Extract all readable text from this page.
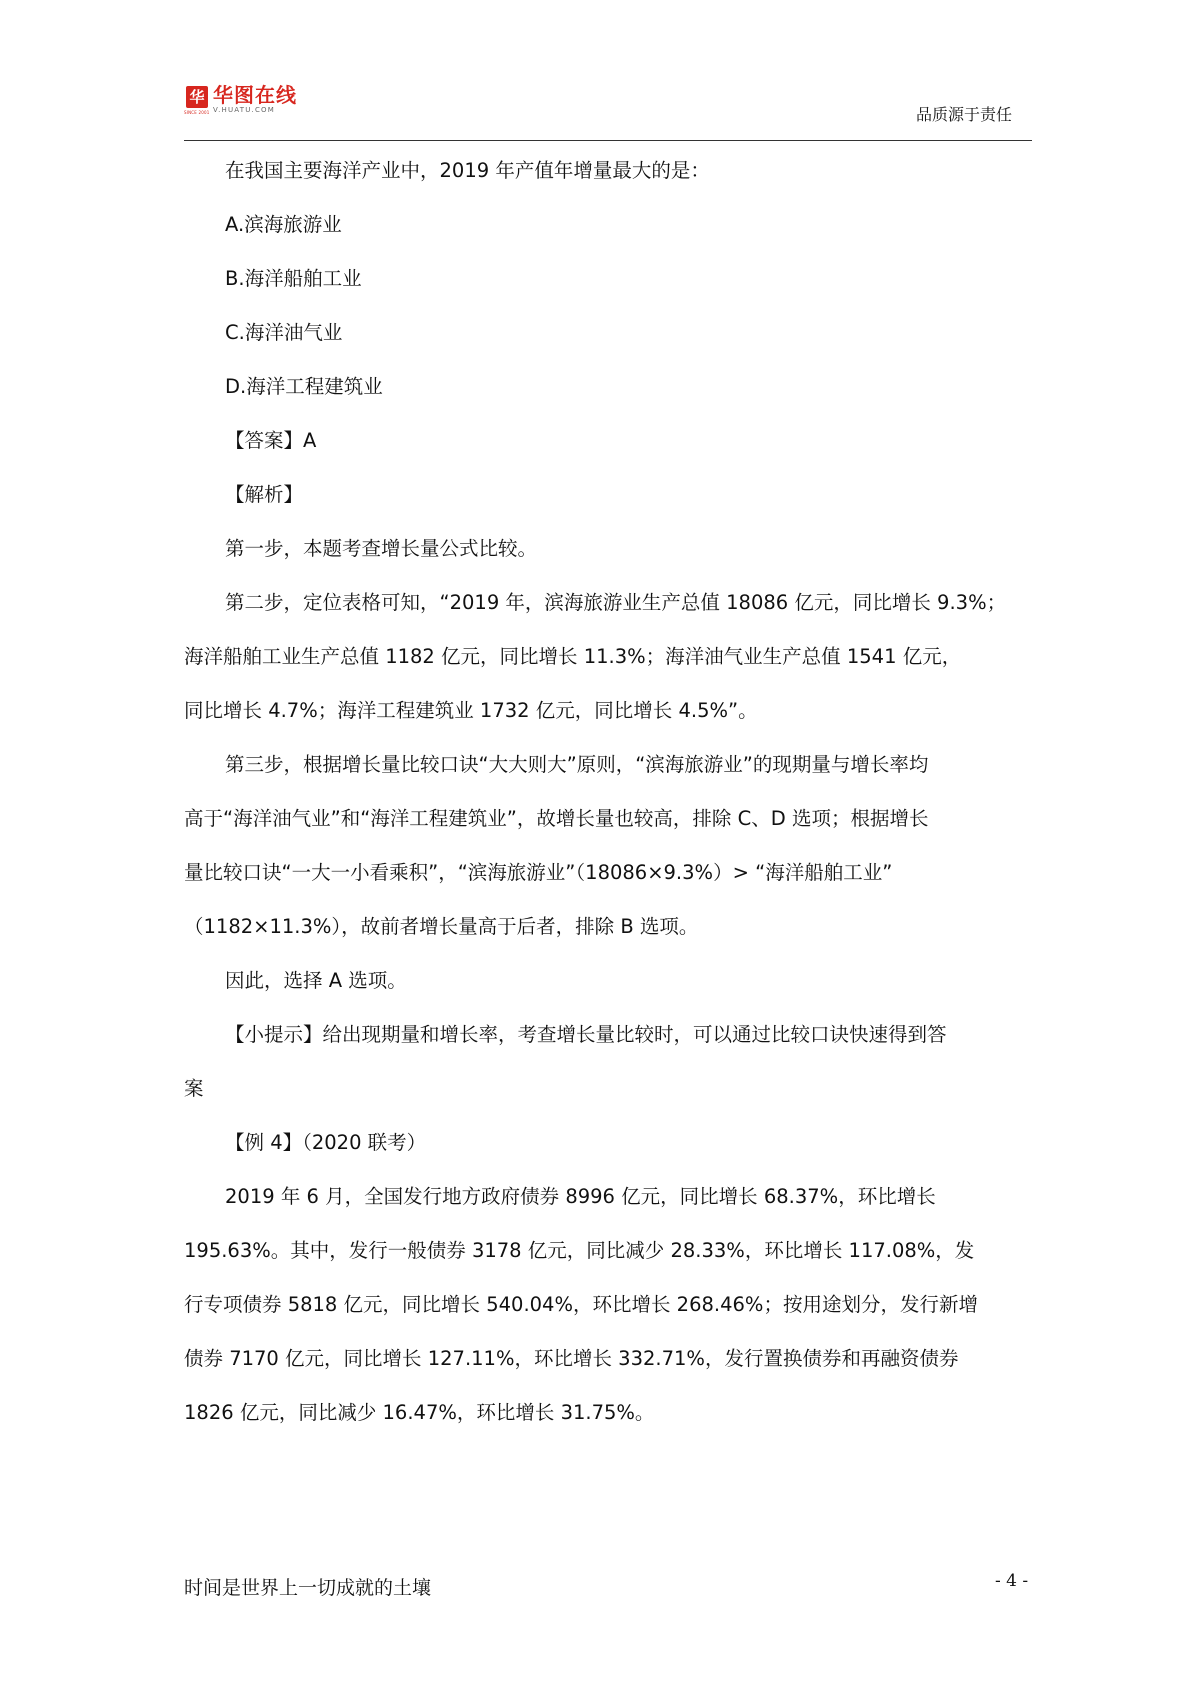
华
SINCE 2001
华图在线
V.HUATU.COM	品质源于责任

在我国主要海洋产业中，2019 年产值年增量最大的是：

A.滨海旅游业

B.海洋船舶工业

C.海洋油气业

D.海洋工程建筑业

【答案】A

【解析】

第一步，本题考查增长量公式比较。

第二步，定位表格可知，“2019 年，滨海旅游业生产总值 18086 亿元，同比增长 9.3%；

海洋船舶工业生产总值 1182 亿元，同比增长 11.3%；海洋油气业生产总值 1541 亿元，

同比增长 4.7%；海洋工程建筑业 1732 亿元，同比增长 4.5%”。

第三步，根据增长量比较口诀“大大则大”原则，“滨海旅游业”的现期量与增长率均

高于“海洋油气业”和“海洋工程建筑业”，故增长量也较高，排除 C、D 选项；根据增长

量比较口诀“一大一小看乘积”，“滨海旅游业”（18086×9.3%）> “海洋船舶工业”

（1182×11.3%），故前者增长量高于后者，排除 B 选项。

因此，选择 A 选项。

【小提示】给出现期量和增长率，考查增长量比较时，可以通过比较口诀快速得到答

案

【例 4】（2020 联考）

2019 年 6 月，全国发行地方政府债券 8996 亿元，同比增长 68.37%，环比增长

195.63%。其中，发行一般债券 3178 亿元，同比减少 28.33%，环比增长 117.08%，发

行专项债券 5818 亿元，同比增长 540.04%，环比增长 268.46%；按用途划分，发行新增

债券 7170 亿元，同比增长 127.11%，环比增长 332.71%，发行置换债券和再融资债券

1826 亿元，同比减少 16.47%，环比增长 31.75%。

时间是世界上一切成就的土壤	- 4 -
